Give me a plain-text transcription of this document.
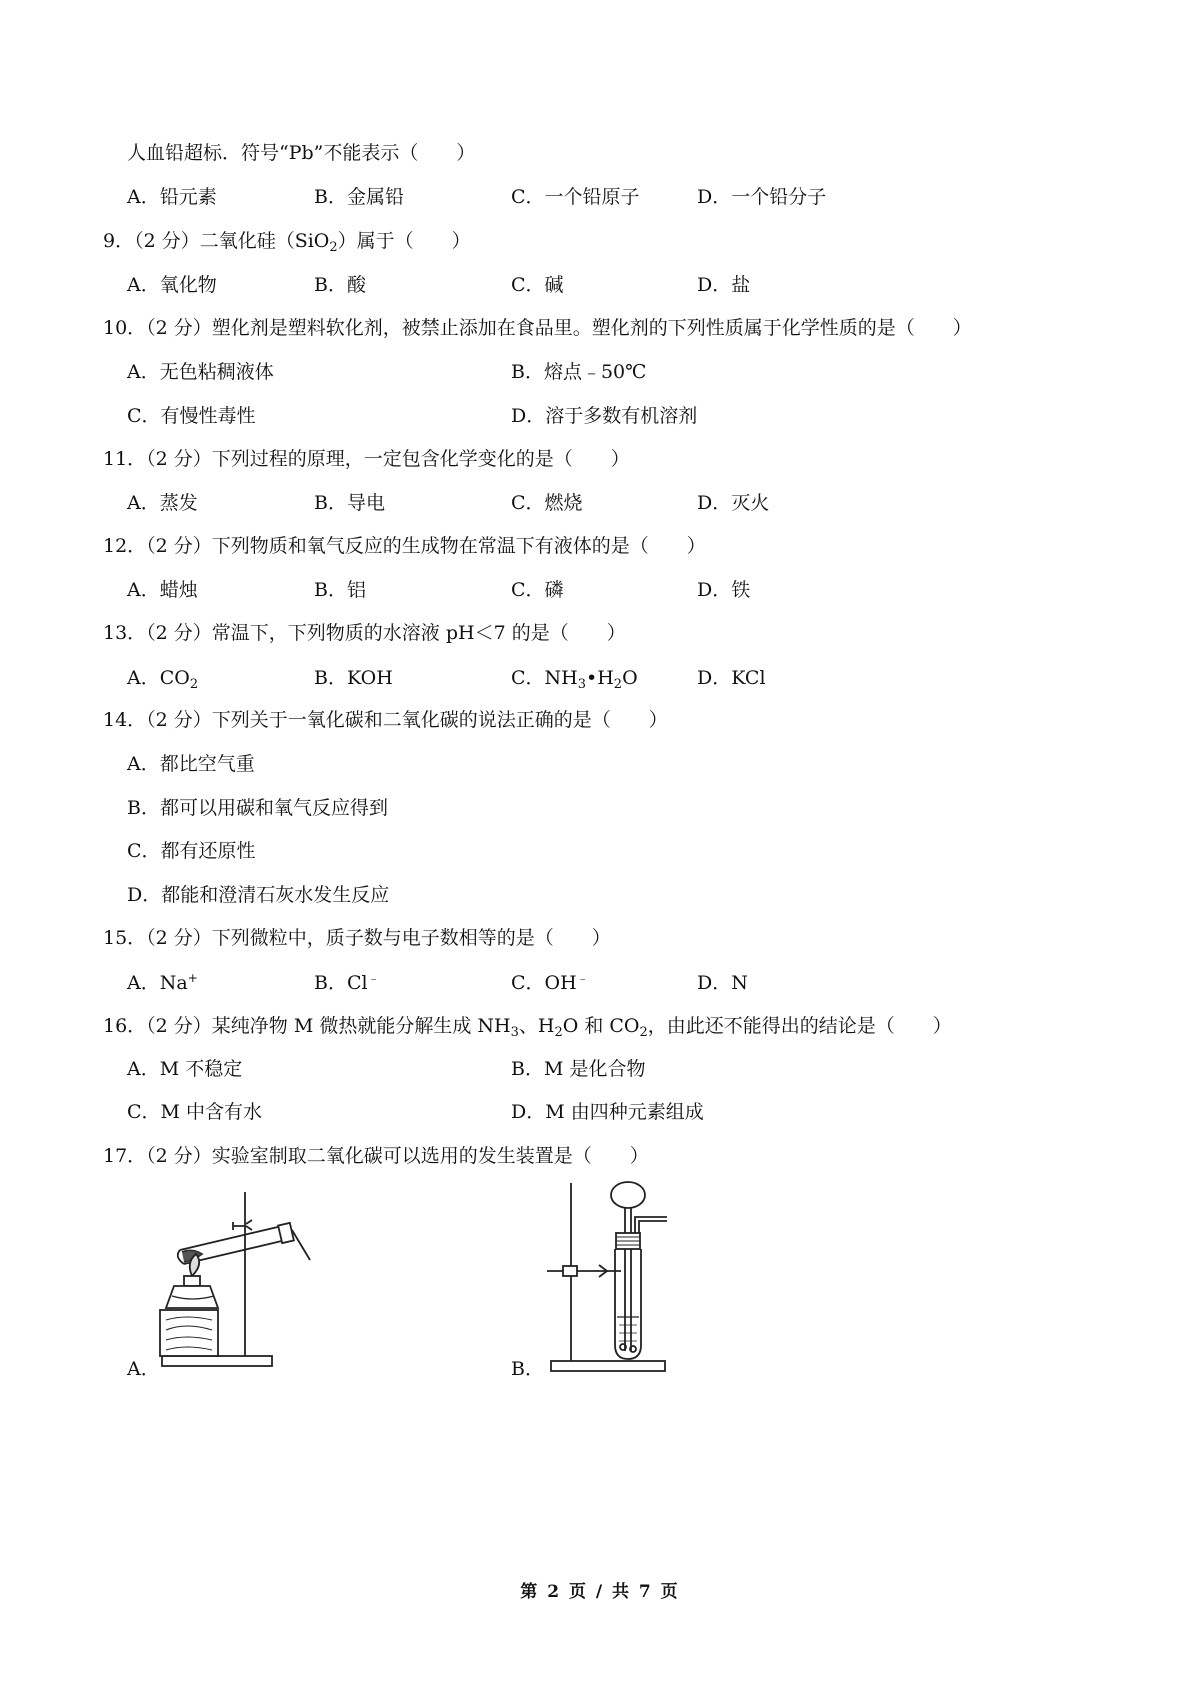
人血铅超标．符号“Pb”不能表示（　　）
A．铅元素	B．金属铅	C．一个铅原子	D．一个铅分子
9．（2 分）二氧化硅（SiO$_2$）属于（　　）
A．氧化物	B．酸	C．碱	D．盐
10．（2 分）塑化剂是塑料软化剂，被禁止添加在食品里。塑化剂的下列性质属于化学性质的是（　　）
A．无色粘稠液体	B．熔点﹣50℃
C．有慢性毒性	D．溶于多数有机溶剂
11．（2 分）下列过程的原理，一定包含化学变化的是（　　）
A．蒸发	B．导电	C．燃烧	D．灭火
12．（2 分）下列物质和氧气反应的生成物在常温下有液体的是（　　）
A．蜡烛	B．铝	C．磷	D．铁
13．（2 分）常温下，下列物质的水溶液 pH＜7 的是（　　）
A．$CO_2$	B．KOH	C．$NH_3•H_2O$	D．KCl
14．（2 分）下列关于一氧化碳和二氧化碳的说法正确的是（　　）
A．都比空气重
B．都可以用碳和氧气反应得到
C．都有还原性
D．都能和澄清石灰水发生反应
15．（2 分）下列微粒中，质子数与电子数相等的是（　　）
A．Na+	B．Cl﹣	C．OH﹣	D．N
16．（2 分）某纯净物 M 微热就能分解生成 $NH_3$、$H_2O$ 和 $CO_2$，由此还不能得出的结论是（　　）
A．M 不稳定	B．M 是化合物
C．M 中含有水	D．M 由四种元素组成
17．（2 分）实验室制取二氧化碳可以选用的发生装置是（　　）
A．	B．
第 2 页 / 共 7 页
